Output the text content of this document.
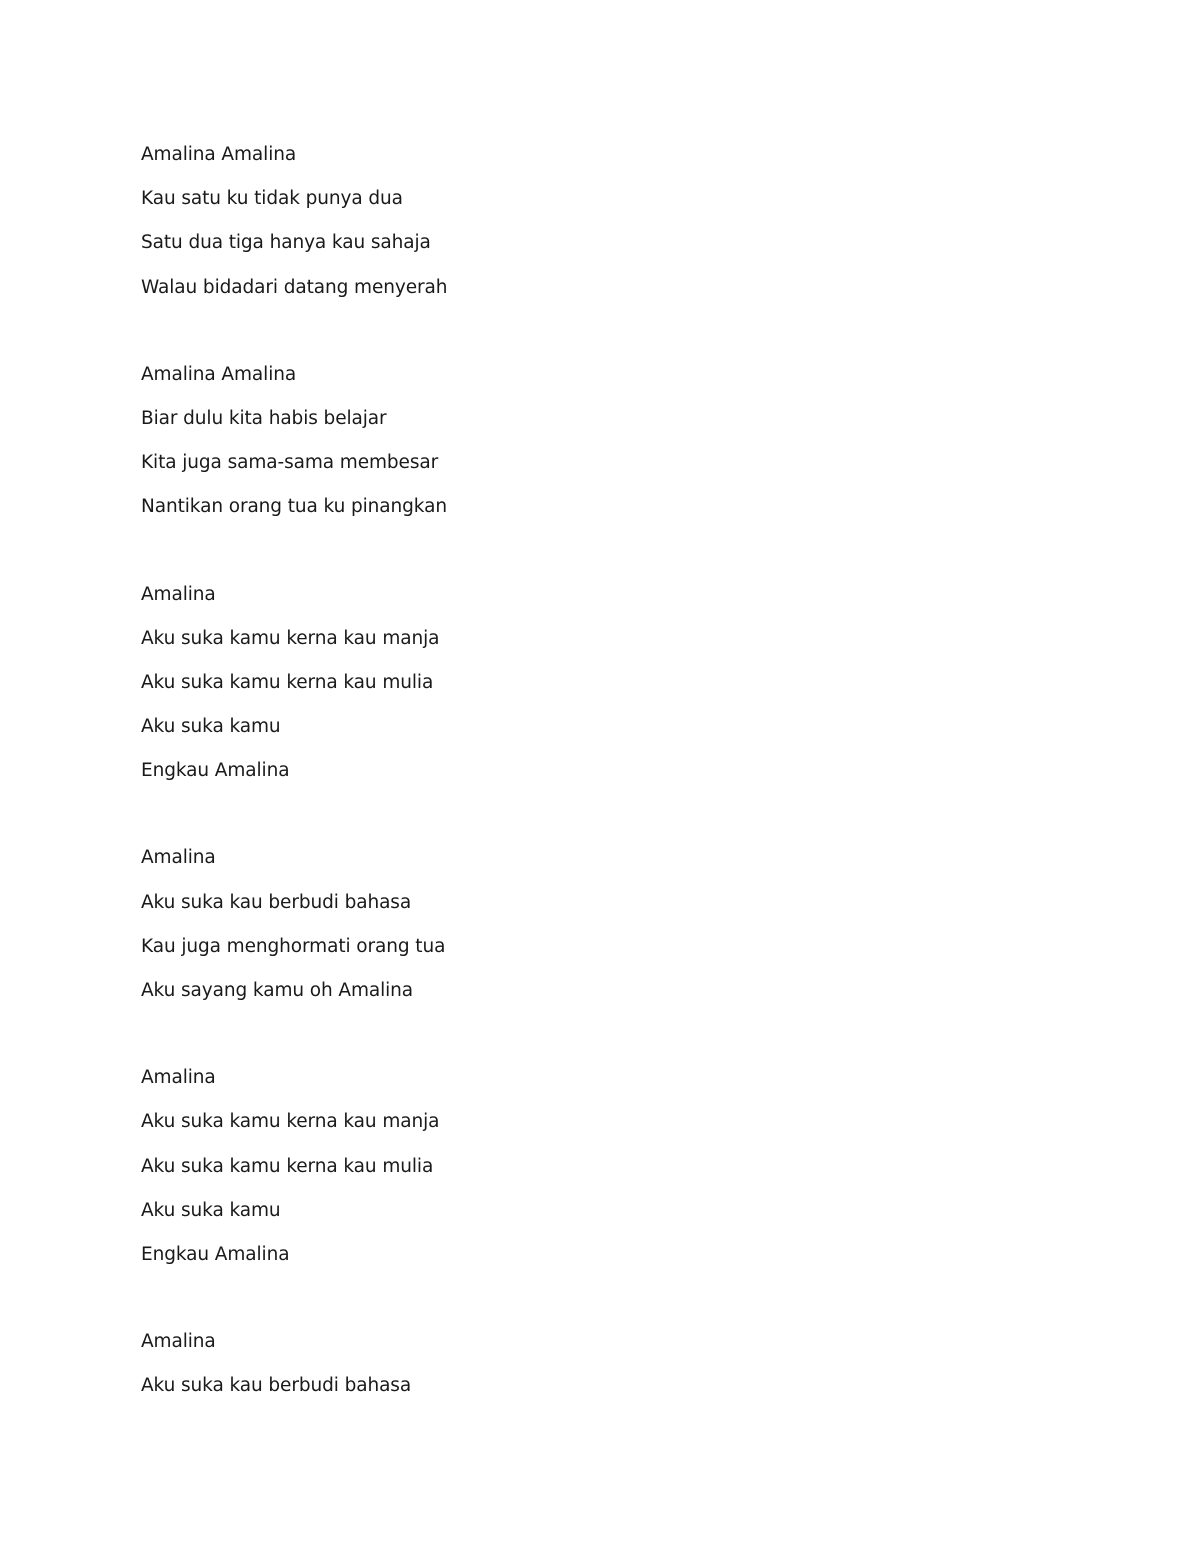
Amalina Amalina
Kau satu ku tidak punya dua
Satu dua tiga hanya kau sahaja
Walau bidadari datang menyerah
Amalina Amalina
Biar dulu kita habis belajar
Kita juga sama-sama membesar
Nantikan orang tua ku pinangkan
Amalina
Aku suka kamu kerna kau manja
Aku suka kamu kerna kau mulia
Aku suka kamu
Engkau Amalina
Amalina
Aku suka kau berbudi bahasa
Kau juga menghormati orang tua
Aku sayang kamu oh Amalina
Amalina
Aku suka kamu kerna kau manja
Aku suka kamu kerna kau mulia
Aku suka kamu
Engkau Amalina
Amalina
Aku suka kau berbudi bahasa
